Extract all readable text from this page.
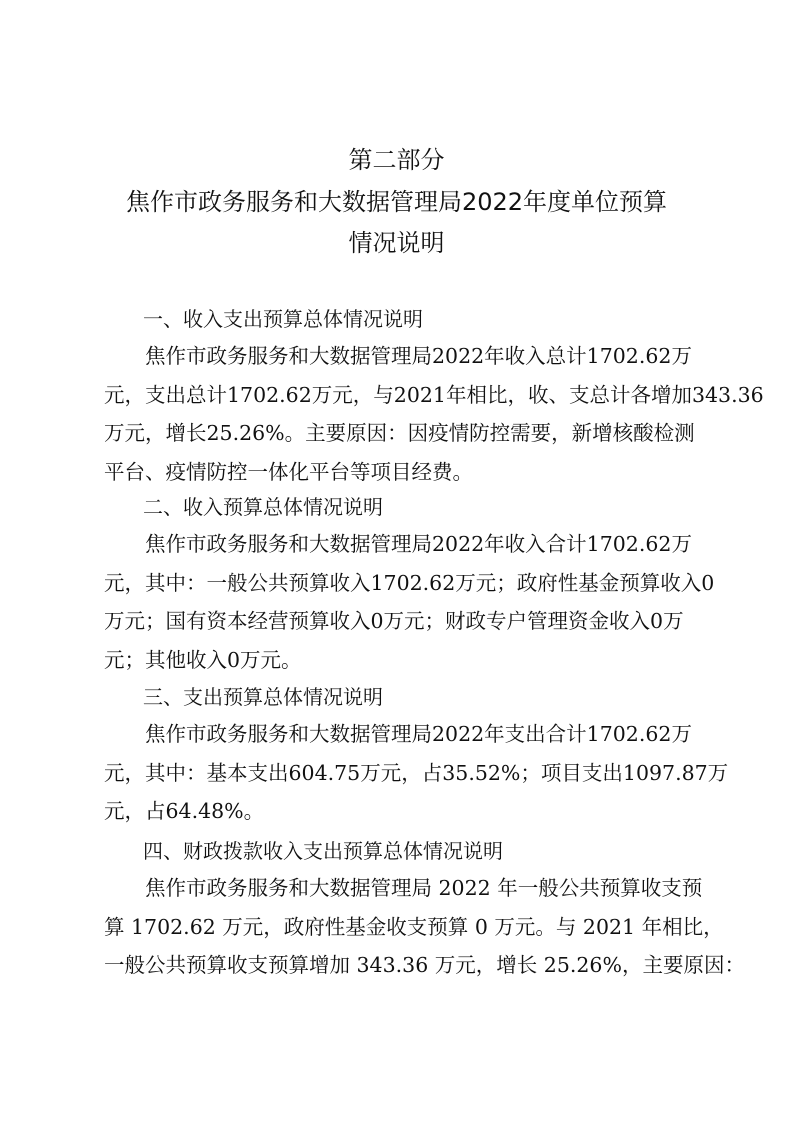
第二部分
焦作市政务服务和大数据管理局2022年度单位预算
情况说明
一、收入支出预算总体情况说明
焦作市政务服务和大数据管理局2022年收入总计1702.62万
元，支出总计1702.62万元，与2021年相比，收、支总计各增加343.36
万元，增长25.26%。主要原因：因疫情防控需要，新增核酸检测
平台、疫情防控一体化平台等项目经费。
二、收入预算总体情况说明
焦作市政务服务和大数据管理局2022年收入合计1702.62万
元，其中：一般公共预算收入1702.62万元；政府性基金预算收入0
万元；国有资本经营预算收入0万元；财政专户管理资金收入0万
元；其他收入0万元。
三、支出预算总体情况说明
焦作市政务服务和大数据管理局2022年支出合计1702.62万
元，其中：基本支出604.75万元，占35.52%；项目支出1097.87万
元，占64.48%。
四、财政拨款收入支出预算总体情况说明
焦作市政务服务和大数据管理局 2022 年一般公共预算收支预
算 1702.62 万元，政府性基金收支预算 0 万元。与 2021 年相比，
一般公共预算收支预算增加 343.36 万元，增长 25.26%，主要原因：
